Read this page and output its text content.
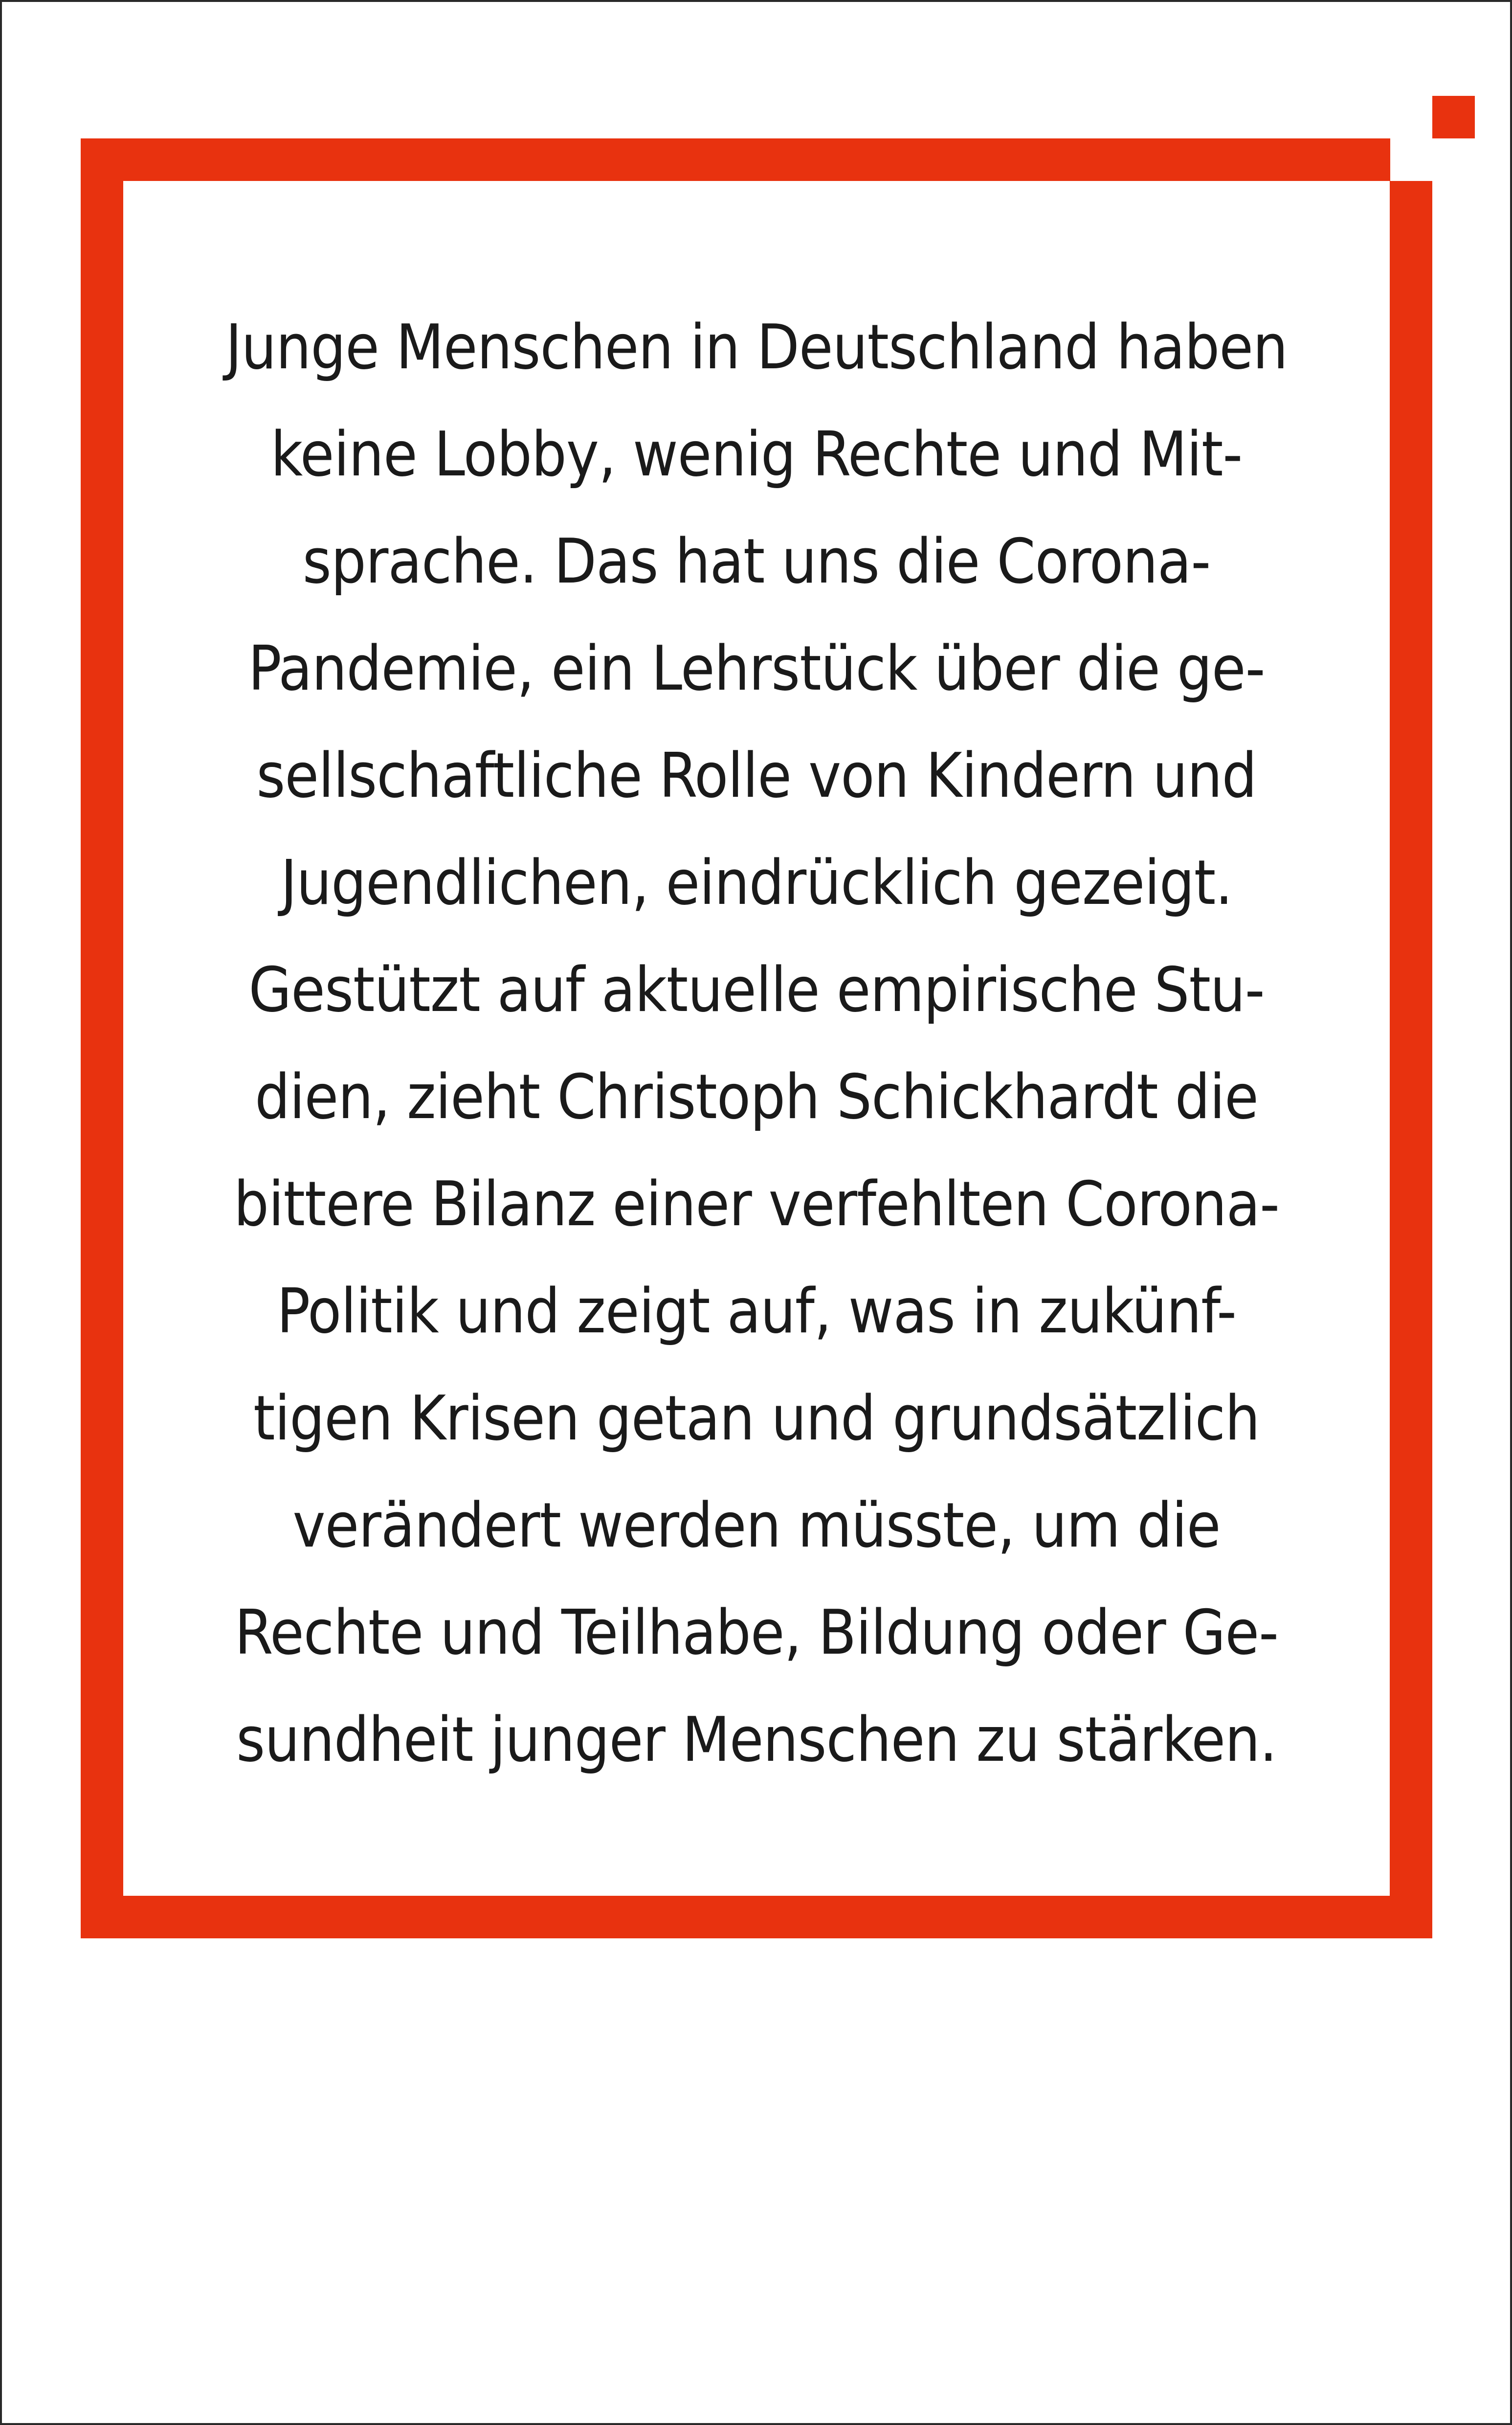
Junge Menschen in Deutschland haben
keine Lobby, wenig Rechte und Mit-
sprache. Das hat uns die Corona-
Pandemie, ein Lehrstück über die ge-
sellschaftliche Rolle von Kindern und
Jugendlichen, eindrücklich gezeigt.
Gestützt auf aktuelle empirische Stu-
dien, zieht Christoph Schickhardt die
bittere Bilanz einer verfehlten Corona-
Politik und zeigt auf, was in zukünf-
tigen Krisen getan und grundsätzlich
verändert werden müsste, um die
Rechte und Teilhabe, Bildung oder Ge-
sundheit junger Menschen zu stärken.
